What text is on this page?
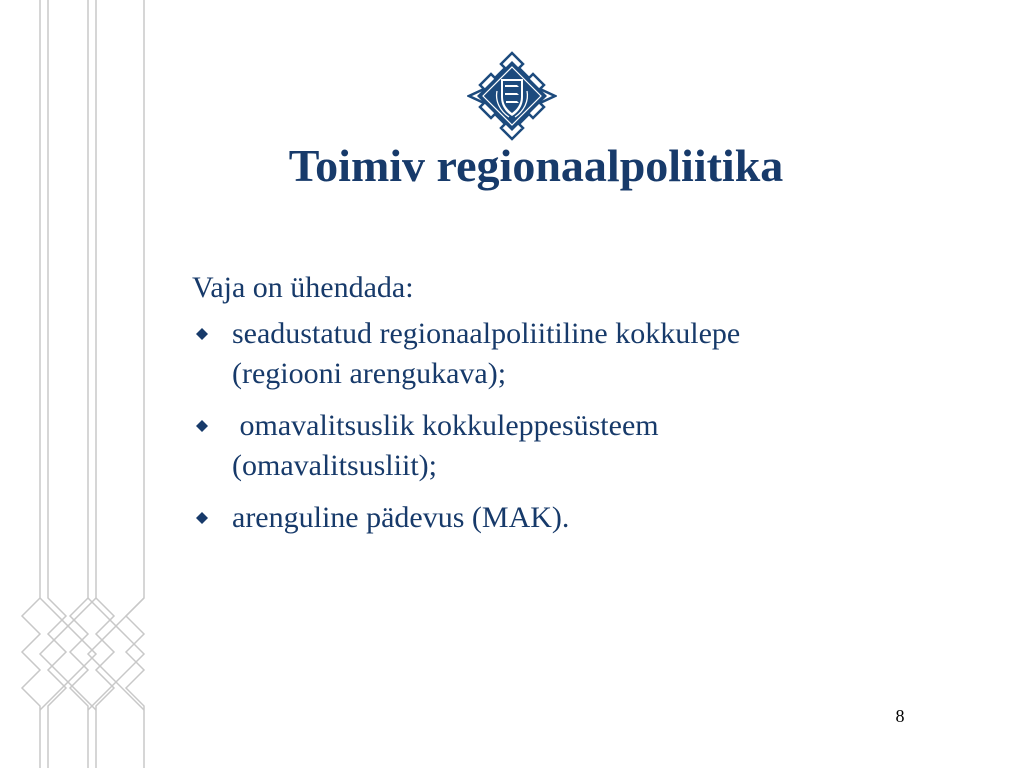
Toimiv regionaalpoliitika

Vaja on ühendada:

seadustatud regionaalpoliitiline kokkulepe
(regiooni arengukava);
omavalitsuslik kokkuleppesüsteem
(omavalitsusliit);
arenguline pädevus (MAK).
8
